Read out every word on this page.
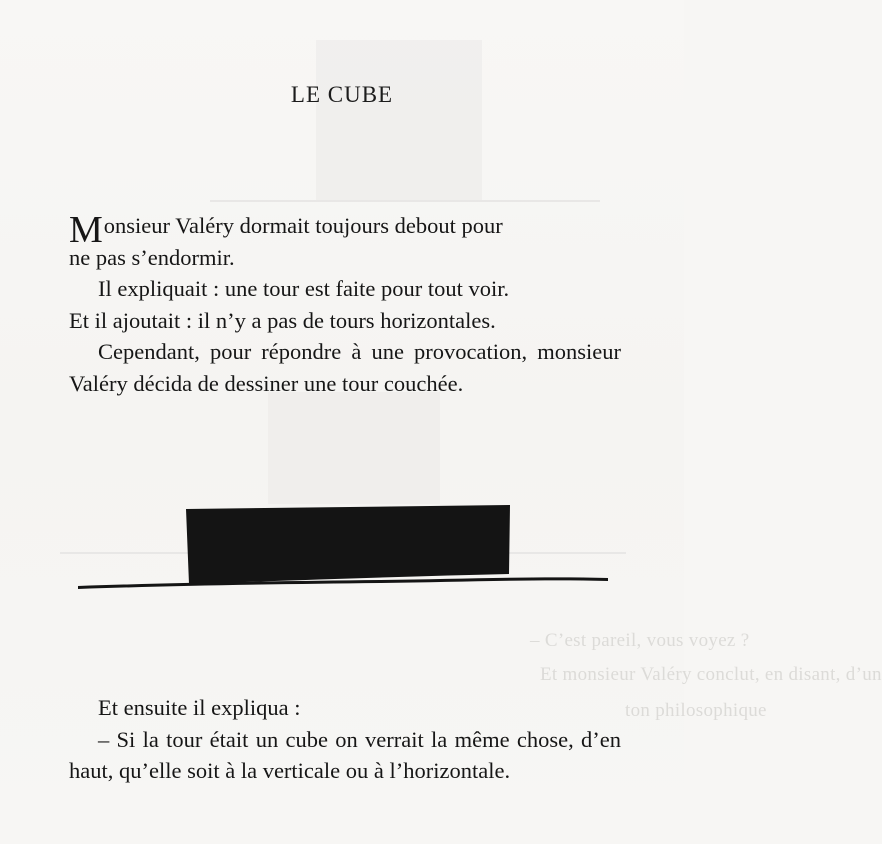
– C’est pareil, vous voyez ?
Et monsieur Valéry conclut, en disant, d’un
ton philosophique
LE CUBE

Monsieur Valéry dormait toujours debout pour
ne pas s’endormir.

Il expliquait : une tour est faite pour tout voir.

Et il ajoutait : il n’y a pas de tours horizontales.

Cependant, pour répondre à une provocation, monsieur Valéry décida de dessiner une tour couchée.

Et ensuite il expliqua :

– Si la tour était un cube on verrait la même chose, d’en haut, qu’elle soit à la verticale ou à l’horizontale.
